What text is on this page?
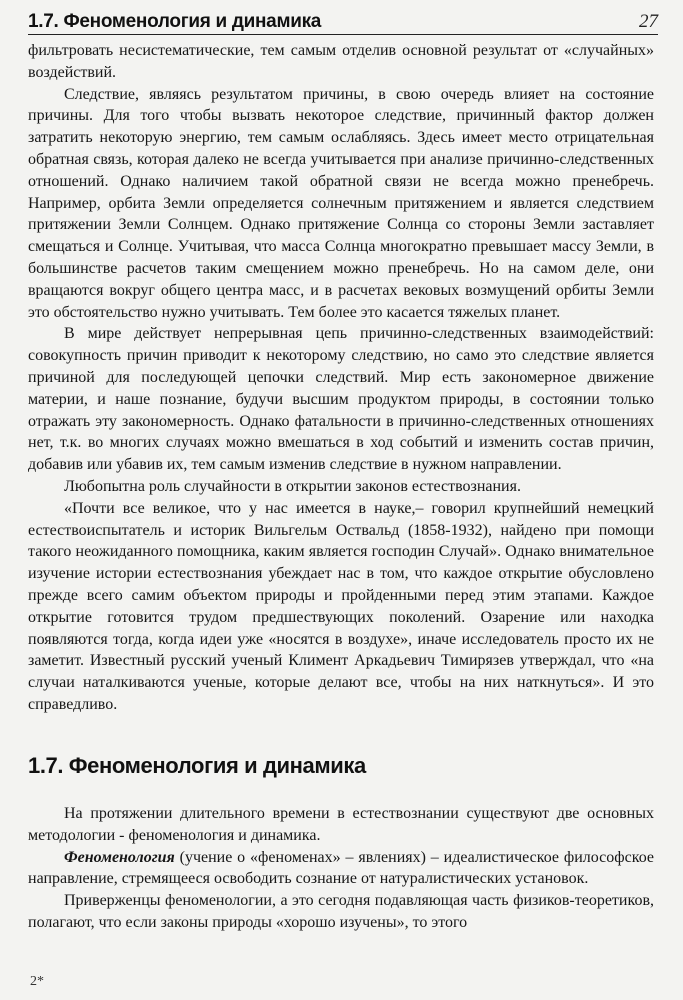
1.7. Феноменология и динамика	27

фильтровать несистематические, тем самым отделив основной результат от «случайных» воздействий.

Следствие, являясь результатом причины, в свою очередь влияет на состояние причины. Для того чтобы вызвать некоторое следствие, причинный фактор должен затратить некоторую энергию, тем самым ослабляясь. Здесь имеет место отрицательная обратная связь, которая далеко не всегда учитывается при анализе причинно-следственных отношений. Однако наличием такой обратной связи не всегда можно пренебречь. Например, орбита Земли определяется солнечным притяжением и является следствием притяжении Земли Солнцем. Однако притяжение Солнца со стороны Земли заставляет смещаться и Солнце. Учитывая, что масса Солнца многократно превышает массу Земли, в большинстве расчетов таким смещением можно пренебречь. Но на самом деле, они вращаются вокруг общего центра масс, и в расчетах вековых возмущений орбиты Земли это обстоятельство нужно учитывать. Тем более это касается тяжелых планет.

В мире действует непрерывная цепь причинно-следственных взаимодействий: совокупность причин приводит к некоторому следствию, но само это следствие является причиной для последующей цепочки следствий. Мир есть закономерное движение материи, и наше познание, будучи высшим продуктом природы, в состоянии только отражать эту закономерность. Однако фатальности в причинно-следственных отношениях нет, т.к. во многих случаях можно вмешаться в ход событий и изменить состав причин, добавив или убавив их, тем самым изменив следствие в нужном направлении.

Любопытна роль случайности в открытии законов естествознания.

«Почти все великое, что у нас имеется в науке,– говорил крупнейший немецкий естествоиспытатель и историк Вильгельм Оствальд (1858-1932), найдено при помощи такого неожиданного помощника, каким является господин Случай». Однако внимательное изучение истории естествознания убеждает нас в том, что каждое открытие обусловлено прежде всего самим объектом природы и пройденными перед этим этапами. Каждое открытие готовится трудом предшествующих поколений. Озарение или находка появляются тогда, когда идеи уже «носятся в воздухе», иначе исследователь просто их не заметит. Известный русский ученый Климент Аркадьевич Тимирязев утверждал, что «на случаи наталкиваются ученые, которые делают все, чтобы на них наткнуться». И это справедливо.

1.7. Феноменология и динамика

На протяжении длительного времени в естествознании существуют две основных методологии - феноменология и динамика.

Феноменология (учение о «феноменах» – явлениях) – идеалистическое философское направление, стремящееся освободить сознание от натуралистических установок.

Приверженцы феноменологии, а это сегодня подавляющая часть физиков-теоретиков, полагают, что если законы природы «хорошо изучены», то этого

2*
